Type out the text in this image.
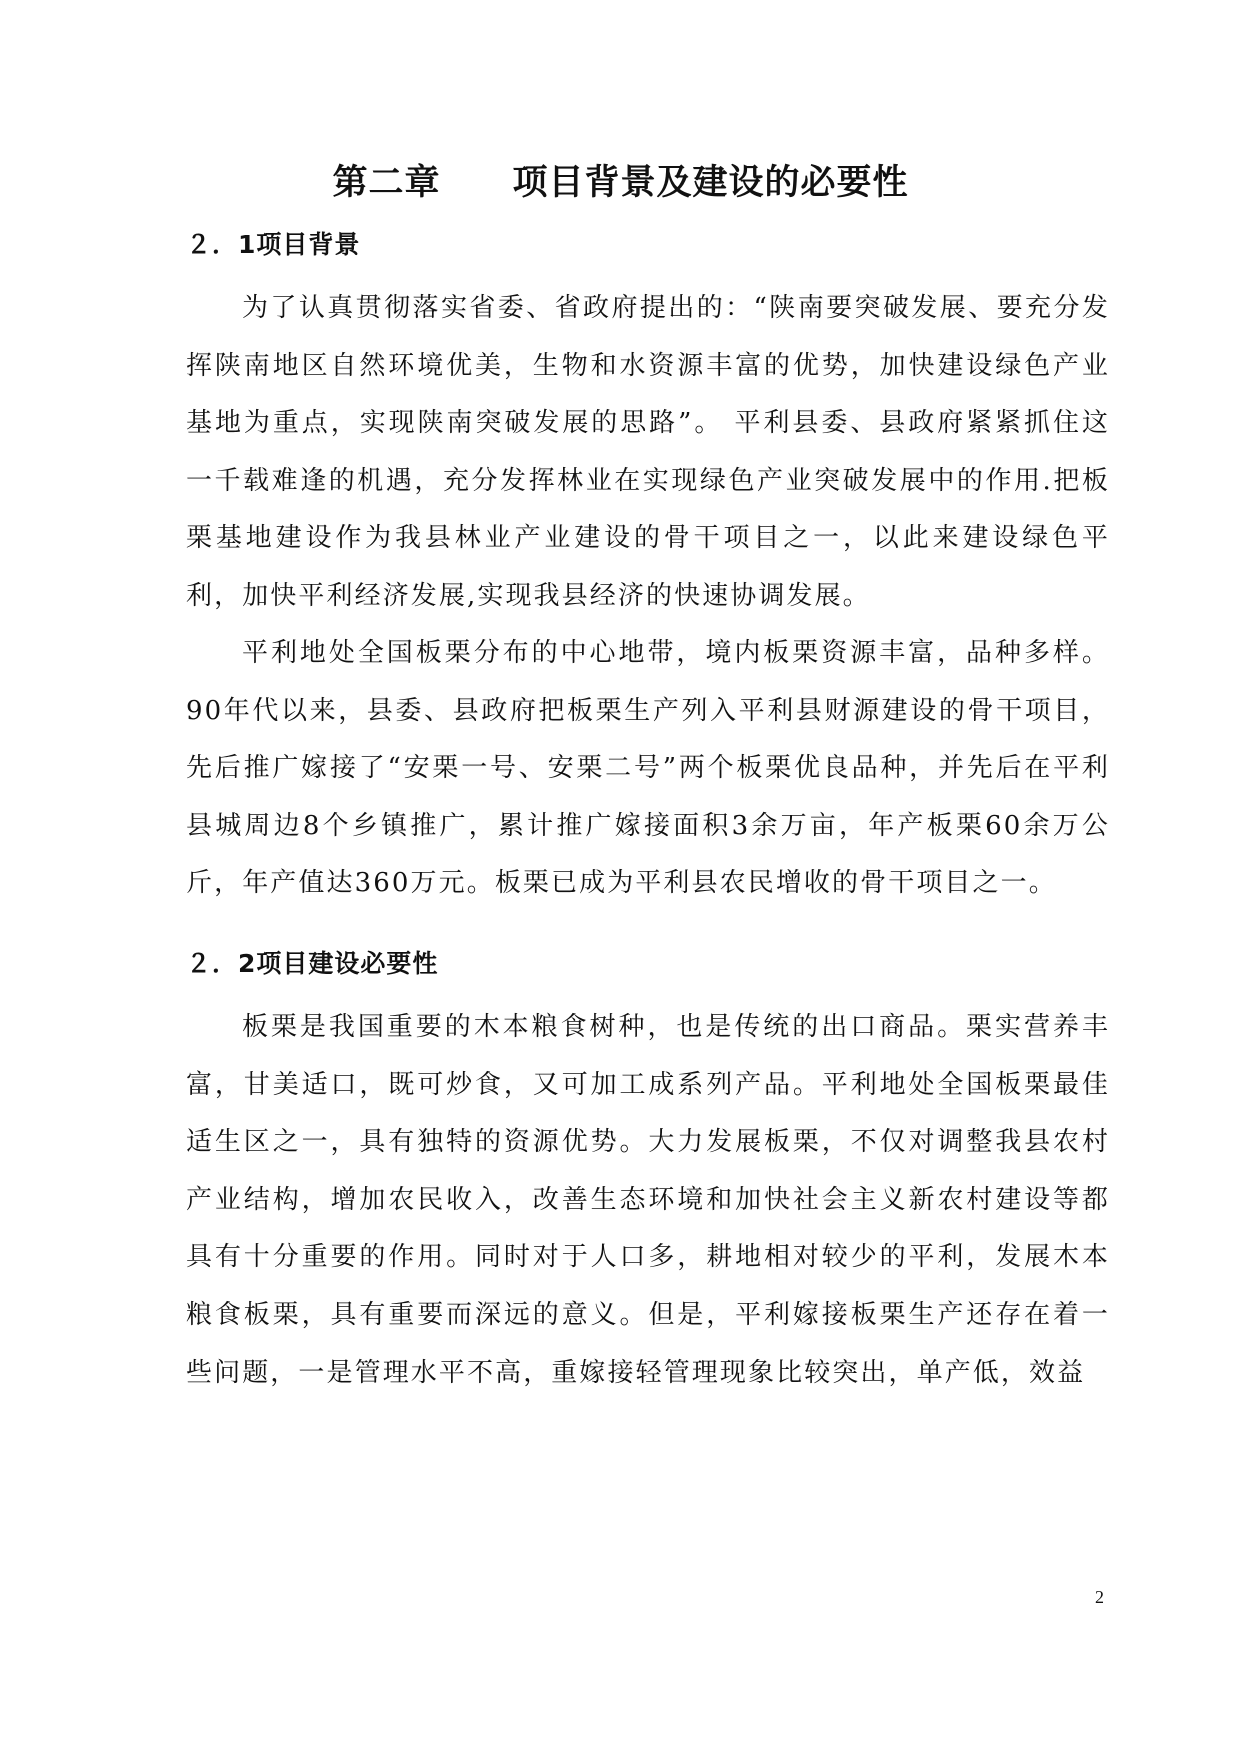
第二章　　项目背景及建设的必要性
２．1项目背景

为了认真贯彻落实省委、省政府提出的：“陕南要突破发展、要充分发挥陕南地区自然环境优美，生物和水资源丰富的优势，加快建设绿色产业基地为重点，实现陕南突破发展的思路”。 平利县委、县政府紧紧抓住这一千载难逢的机遇，充分发挥林业在实现绿色产业突破发展中的作用.把板栗基地建设作为我县林业产业建设的骨干项目之一，以此来建设绿色平利，加快平利经济发展,实现我县经济的快速协调发展。

平利地处全国板栗分布的中心地带，境内板栗资源丰富，品种多样。90年代以来，县委、县政府把板栗生产列入平利县财源建设的骨干项目，先后推广嫁接了“安栗一号、安栗二号”两个板栗优良品种，并先后在平利县城周边8个乡镇推广，累计推广嫁接面积3余万亩，年产板栗60余万公斤，年产值达360万元。板栗已成为平利县农民增收的骨干项目之一。

２．2项目建设必要性

板栗是我国重要的木本粮食树种，也是传统的出口商品。栗实营养丰富，甘美适口，既可炒食，又可加工成系列产品。平利地处全国板栗最佳适生区之一，具有独特的资源优势。大力发展板栗，不仅对调整我县农村产业结构，增加农民收入，改善生态环境和加快社会主义新农村建设等都具有十分重要的作用。同时对于人口多，耕地相对较少的平利，发展木本粮食板栗，具有重要而深远的意义。但是，平利嫁接板栗生产还存在着一些问题，一是管理水平不高，重嫁接轻管理现象比较突出，单产低，效益

2
